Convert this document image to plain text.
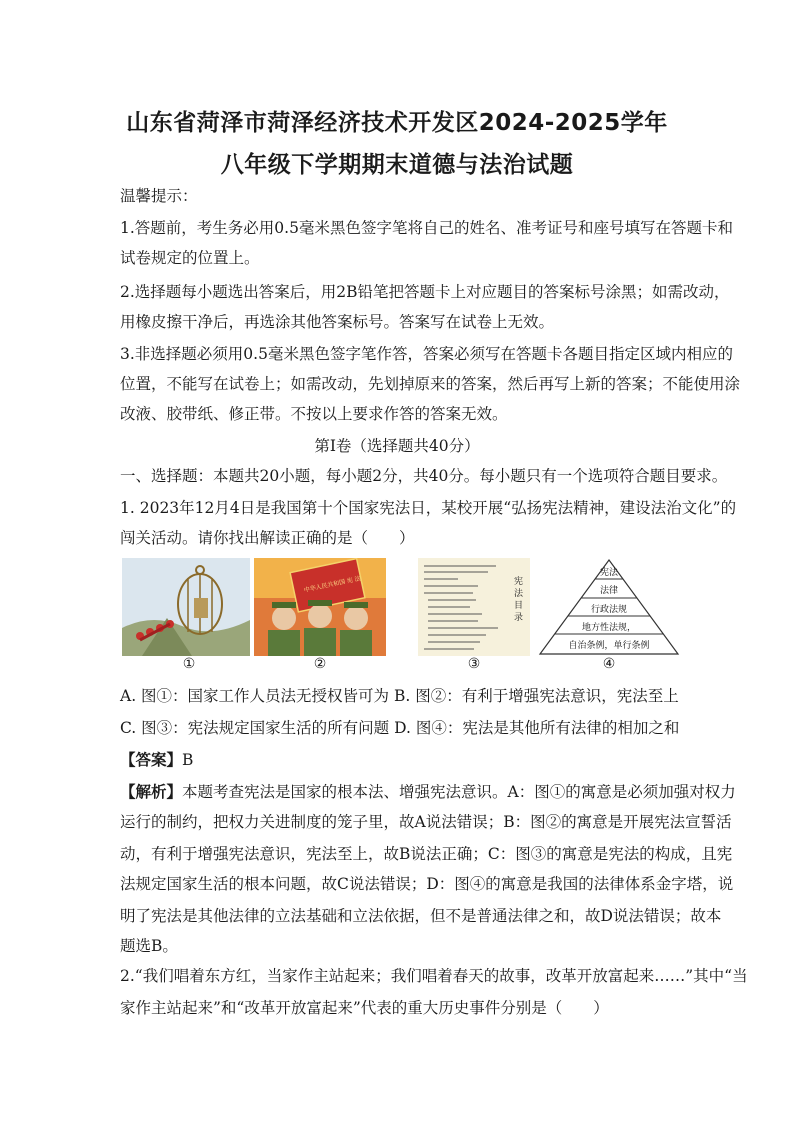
山东省菏泽市菏泽经济技术开发区2024-2025学年
八年级下学期期末道德与法治试题
温馨提示：
1.答题前，考生务必用0.5毫米黑色签字笔将自己的姓名、准考证号和座号填写在答题卡和
试卷规定的位置上。
2.选择题每小题选出答案后，用2B铅笔把答题卡上对应题目的答案标号涂黑；如需改动，
用橡皮擦干净后，再选涂其他答案标号。答案写在试卷上无效。
3.非选择题必须用0.5毫米黑色签字笔作答，答案必须写在答题卡各题目指定区域内相应的
位置，不能写在试卷上；如需改动，先划掉原来的答案，然后再写上新的答案；不能使用涂
改液、胶带纸、修正带。不按以上要求作答的答案无效。
第Ⅰ卷（选择题共40分）
一、选择题：本题共20小题，每小题2分，共40分。每小题只有一个选项符合题目要求。
1. 2023年12月4日是我国第十个国家宪法日，某校开展“弘扬宪法精神，建设法治文化”的
闯关活动。请你找出解读正确的是（　　）
①
中华人民共和国 宪 法
②
宪
法
目
录
③
宪法
法律
行政法规
地方性法规，
自治条例，单行条例
④
A. 图①：国家工作人员法无授权皆可为 B. 图②：有利于增强宪法意识，宪法至上
C. 图③：宪法规定国家生活的所有问题 D. 图④：宪法是其他所有法律的相加之和
【答案】B
【解析】本题考查宪法是国家的根本法、增强宪法意识。A：图①的寓意是必须加强对权力
运行的制约，把权力关进制度的笼子里，故A说法错误；B：图②的寓意是开展宪法宣誓活
动，有利于增强宪法意识，宪法至上，故B说法正确；C：图③的寓意是宪法的构成，且宪
法规定国家生活的根本问题，故C说法错误；D：图④的寓意是我国的法律体系金字塔，说
明了宪法是其他法律的立法基础和立法依据，但不是普通法律之和，故D说法错误；故本
题选B。
2.“我们唱着东方红，当家作主站起来；我们唱着春天的故事，改革开放富起来……”其中“当
家作主站起来”和“改革开放富起来”代表的重大历史事件分别是（　　）
